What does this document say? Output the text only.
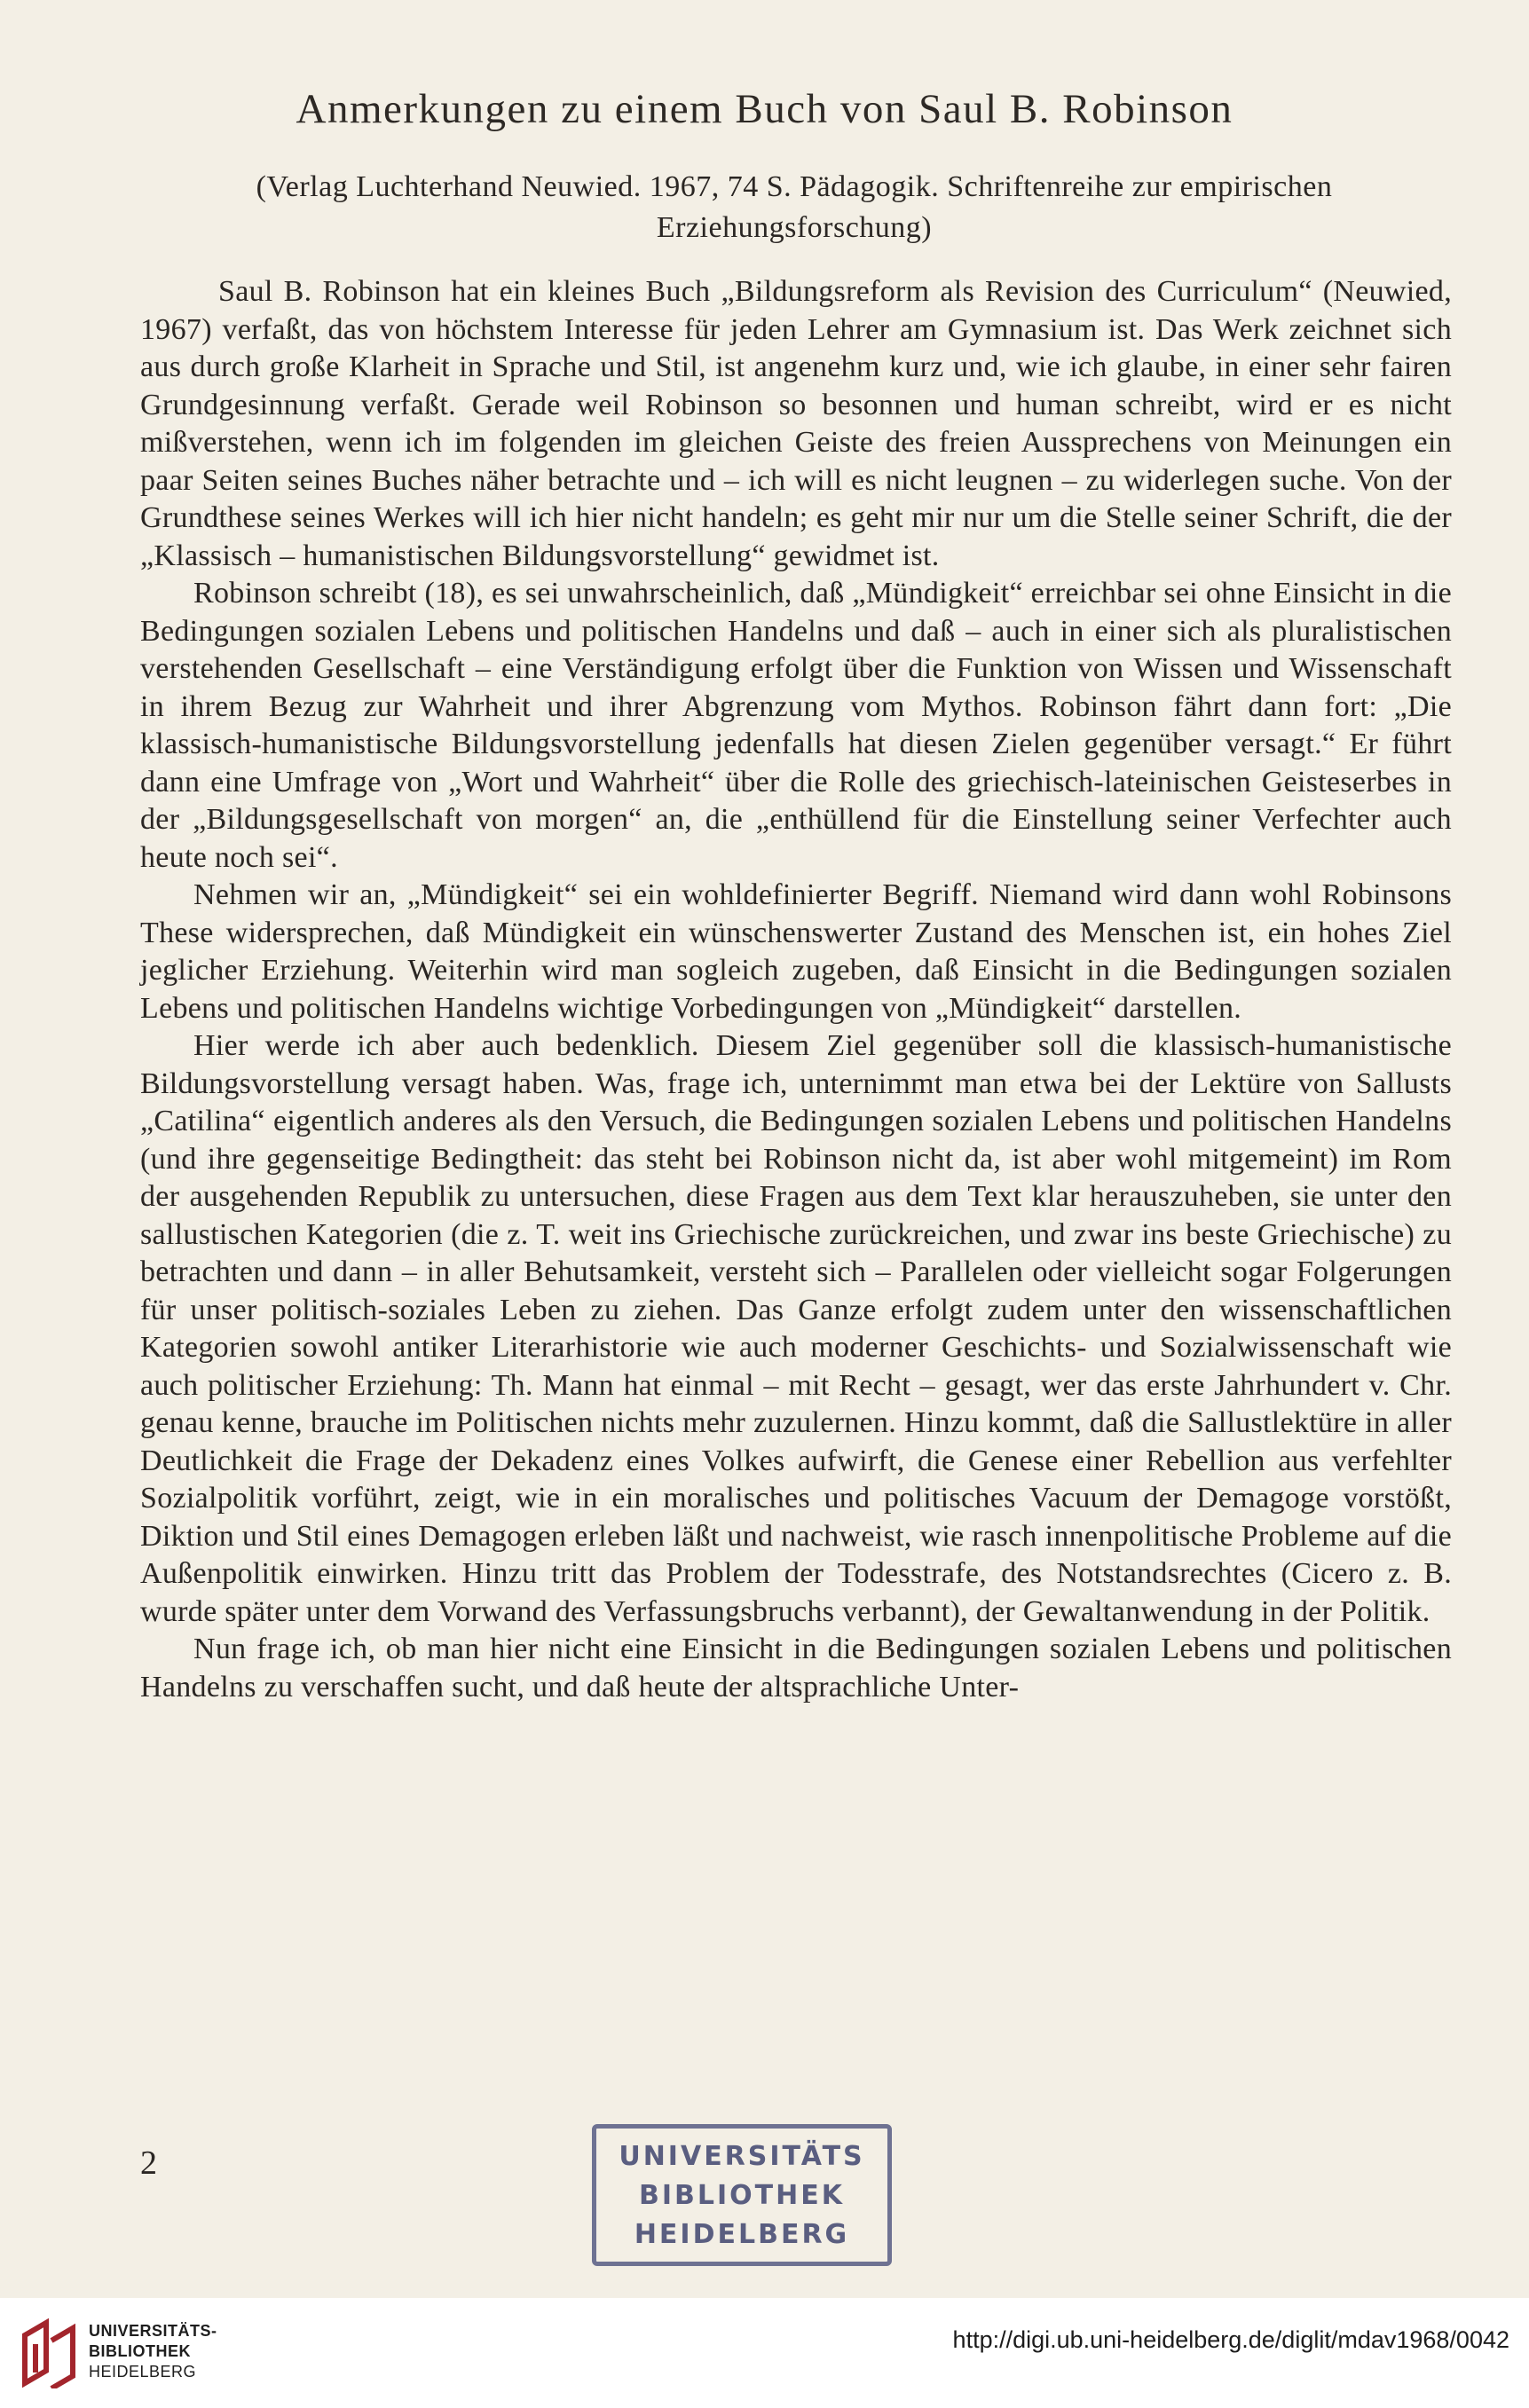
Anmerkungen zu einem Buch von Saul B. Robinson
(Verlag Luchterhand Neuwied. 1967, 74 S. Pädagogik. Schriftenreihe zur empirischen Erziehungsforschung)

Saul B. Robinson hat ein kleines Buch „Bildungsreform als Revision des Curriculum“ (Neuwied, 1967) verfaßt, das von höchstem Interesse für jeden Lehrer am Gymnasium ist. Das Werk zeichnet sich aus durch große Klarheit in Sprache und Stil, ist angenehm kurz und, wie ich glaube, in einer sehr fairen Grundgesinnung verfaßt. Gerade weil Robinson so besonnen und human schreibt, wird er es nicht mißverstehen, wenn ich im folgenden im gleichen Geiste des freien Aussprechens von Meinungen ein paar Seiten seines Buches näher betrachte und – ich will es nicht leugnen – zu widerlegen suche. Von der Grundthese seines Werkes will ich hier nicht handeln; es geht mir nur um die Stelle seiner Schrift, die der „Klassisch – humanistischen Bildungsvorstellung“ gewidmet ist.

Robinson schreibt (18), es sei unwahrscheinlich, daß „Mündigkeit“ erreichbar sei ohne Einsicht in die Bedingungen sozialen Lebens und politischen Handelns und daß – auch in einer sich als pluralistischen verstehenden Gesellschaft – eine Verständigung erfolgt über die Funktion von Wissen und Wissenschaft in ihrem Bezug zur Wahrheit und ihrer Abgrenzung vom Mythos. Robinson fährt dann fort: „Die klassisch-humanistische Bildungsvorstellung jedenfalls hat diesen Zielen gegenüber versagt.“ Er führt dann eine Umfrage von „Wort und Wahrheit“ über die Rolle des griechisch-lateinischen Geisteserbes in der „Bildungsgesellschaft von morgen“ an, die „enthüllend für die Einstellung seiner Verfechter auch heute noch sei“.

Nehmen wir an, „Mündigkeit“ sei ein wohldefinierter Begriff. Niemand wird dann wohl Robinsons These widersprechen, daß Mündigkeit ein wünschenswerter Zustand des Menschen ist, ein hohes Ziel jeglicher Erziehung. Weiterhin wird man sogleich zugeben, daß Einsicht in die Bedingungen sozialen Lebens und politischen Handelns wichtige Vorbedingungen von „Mündigkeit“ darstellen.

Hier werde ich aber auch bedenklich. Diesem Ziel gegenüber soll die klassisch-humanistische Bildungsvorstellung versagt haben. Was, frage ich, unternimmt man etwa bei der Lektüre von Sallusts „Catilina“ eigentlich anderes als den Versuch, die Bedingungen sozialen Lebens und politischen Handelns (und ihre gegenseitige Bedingtheit: das steht bei Robinson nicht da, ist aber wohl mitgemeint) im Rom der ausgehenden Republik zu untersuchen, diese Fragen aus dem Text klar herauszuheben, sie unter den sallustischen Kategorien (die z. T. weit ins Griechische zurückreichen, und zwar ins beste Griechische) zu betrachten und dann – in aller Behutsamkeit, versteht sich – Parallelen oder vielleicht sogar Folgerungen für unser politisch-soziales Leben zu ziehen. Das Ganze erfolgt zudem unter den wissenschaftlichen Kategorien sowohl antiker Literarhistorie wie auch moderner Geschichts- und Sozialwissenschaft wie auch politischer Erziehung: Th. Mann hat einmal – mit Recht – gesagt, wer das erste Jahrhundert v. Chr. genau kenne, brauche im Politischen nichts mehr zuzulernen. Hinzu kommt, daß die Sallustlektüre in aller Deutlichkeit die Frage der Dekadenz eines Volkes aufwirft, die Genese einer Rebellion aus verfehlter Sozialpolitik vorführt, zeigt, wie in ein moralisches und politisches Vacuum der Demagoge vorstößt, Diktion und Stil eines Demagogen erleben läßt und nachweist, wie rasch innenpolitische Probleme auf die Außenpolitik einwirken. Hinzu tritt das Problem der Todesstrafe, des Notstandsrechtes (Cicero z. B. wurde später unter dem Vorwand des Verfassungsbruchs verbannt), der Gewaltanwendung in der Politik.

Nun frage ich, ob man hier nicht eine Einsicht in die Bedingungen sozialen Lebens und politischen Handelns zu verschaffen sucht, und daß heute der altsprachliche Unter-

2	UNIVERSITÄTS
BIBLIOTHEK
HEIDELBERG
UNIVERSITÄTS-
BIBLIOTHEK
HEIDELBERG
http://digi.ub.uni-heidelberg.de/diglit/mdav1968/0042
